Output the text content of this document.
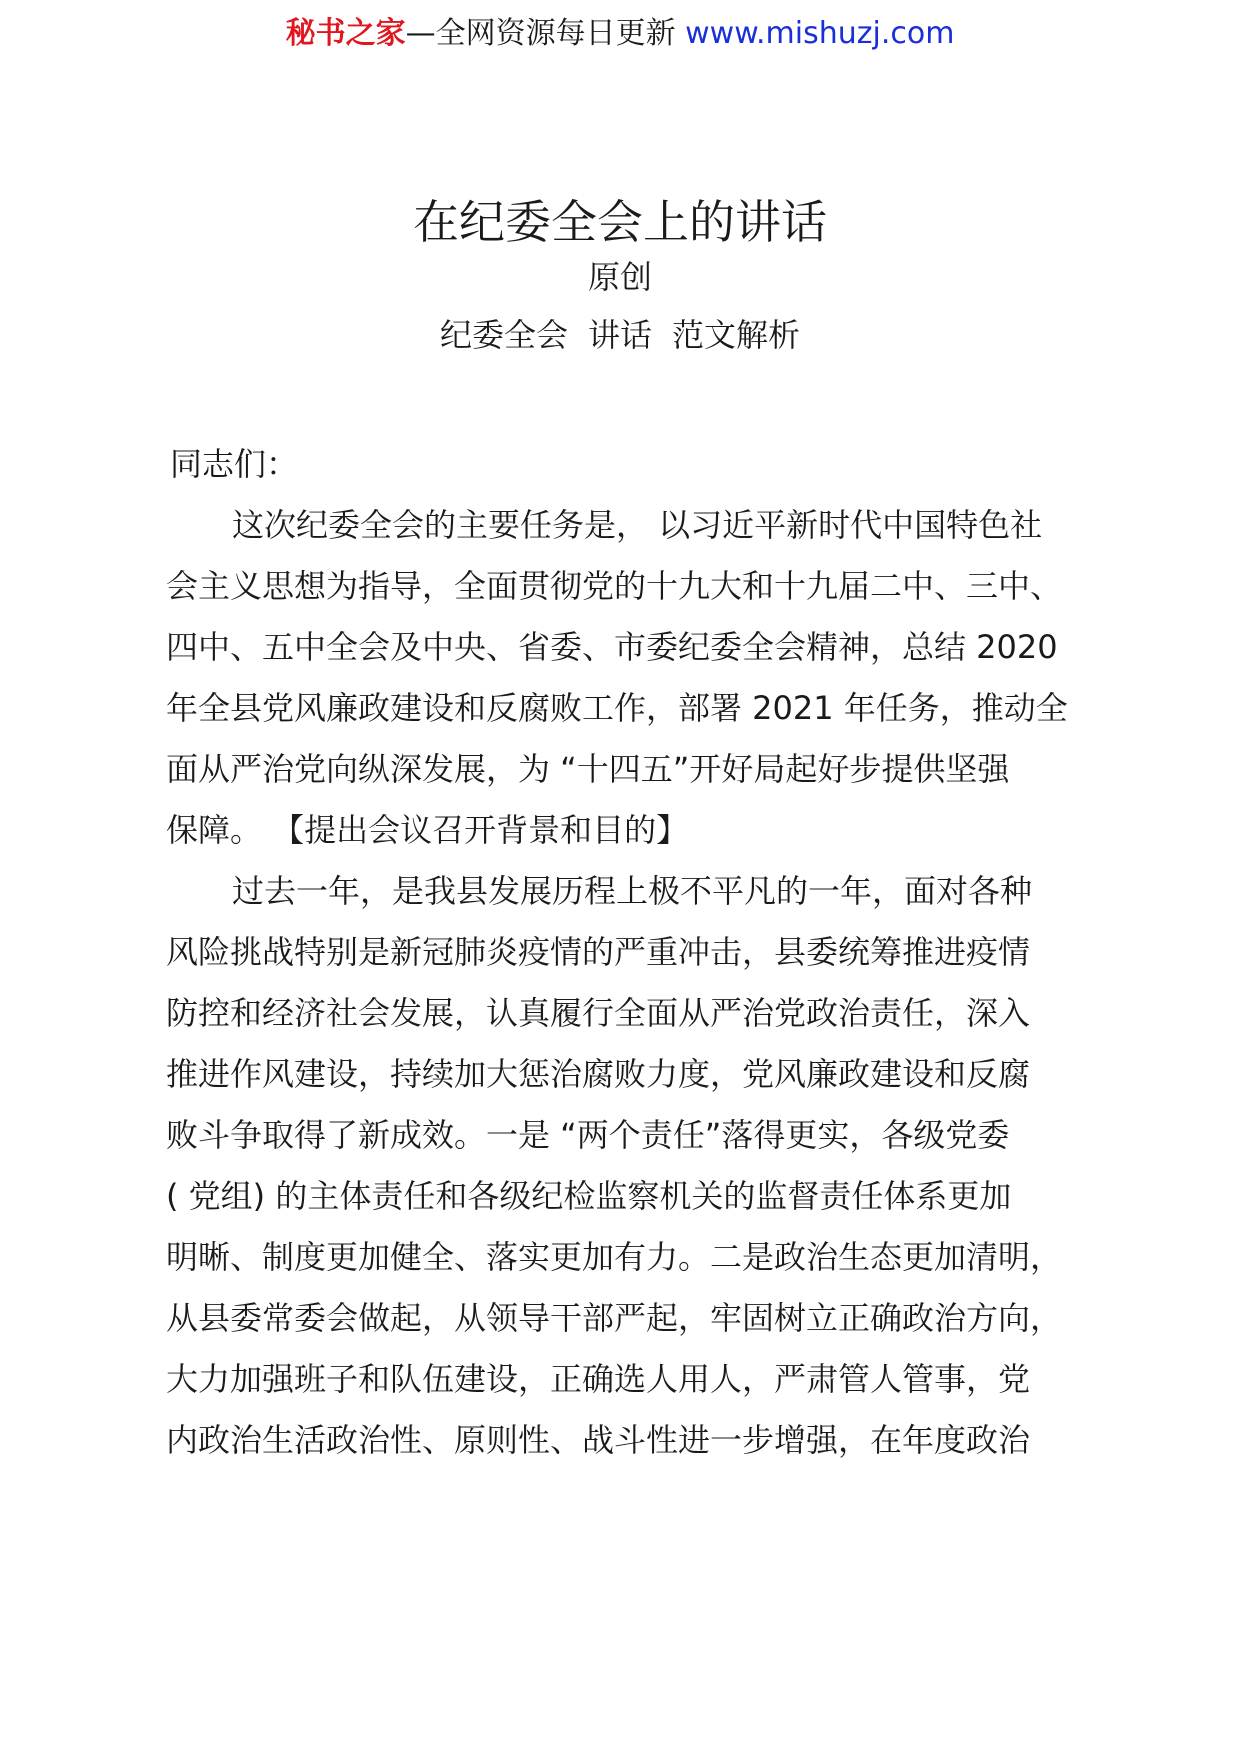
秘书之家—全网资源每日更新 www.mishuzj.com
在纪委全会上的讲话
原创
纪委全会 讲话 范文解析
同志们：
这次纪委全会的主要任务是， 以习近平新时代中国特色社
会主义思想为指导，全面贯彻党的十九大和十九届二中、三中、
四中、五中全会及中央、省委、市委纪委全会精神，总结 2020
年全县党风廉政建设和反腐败工作，部署 2021 年任务，推动全
面从严治党向纵深发展，为 “十四五”开好局起好步提供坚强
保障。 【提出会议召开背景和目的】
过去一年，是我县发展历程上极不平凡的一年，面对各种
风险挑战特别是新冠肺炎疫情的严重冲击，县委统筹推进疫情
防控和经济社会发展，认真履行全面从严治党政治责任，深入
推进作风建设，持续加大惩治腐败力度，党风廉政建设和反腐
败斗争取得了新成效。一是 “两个责任”落得更实，各级党委
( 党组) 的主体责任和各级纪检监察机关的监督责任体系更加
明晰、制度更加健全、落实更加有力。二是政治生态更加清明，
从县委常委会做起，从领导干部严起，牢固树立正确政治方向，
大力加强班子和队伍建设，正确选人用人，严肃管人管事，党
内政治生活政治性、原则性、战斗性进一步增强，在年度政治
